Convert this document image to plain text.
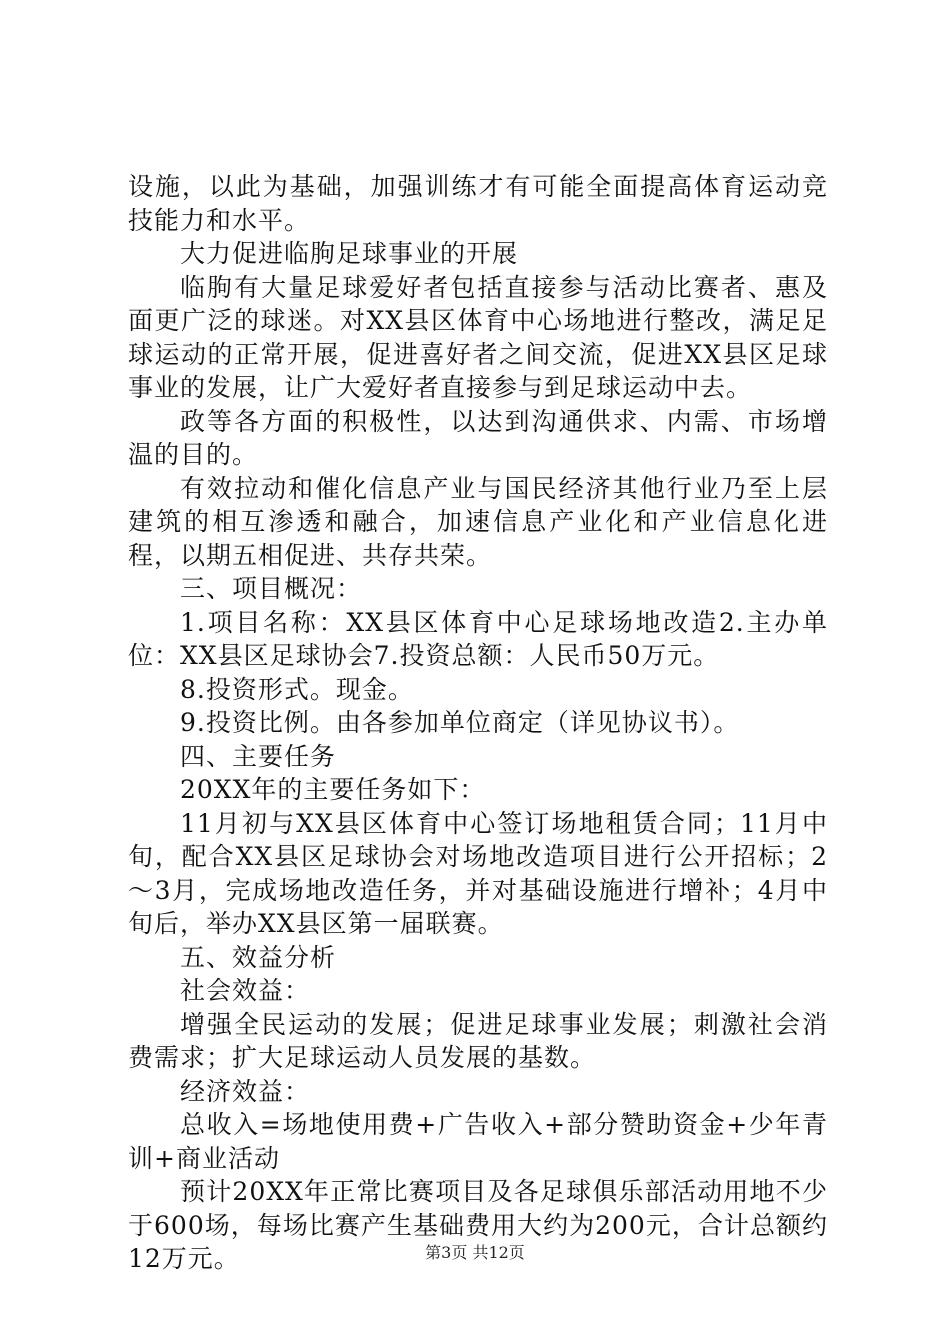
设施，以此为基础，加强训练才有可能全面提高体育运动竞技能力和水平。

大力促进临朐足球事业的开展

临朐有大量足球爱好者包括直接参与活动比赛者、惠及面更广泛的球迷。对XX县区体育中心场地进行整改，满足足球运动的正常开展，促进喜好者之间交流，促进XX县区足球事业的发展，让广大爱好者直接参与到足球运动中去。

政等各方面的积极性，以达到沟通供求、内需、市场增温的目的。

有效拉动和催化信息产业与国民经济其他行业乃至上层建筑的相互渗透和融合，加速信息产业化和产业信息化进程，以期五相促进、共存共荣。

三、项目概况：

1.项目名称：XX县区体育中心足球场地改造2.主办单位：XX县区足球协会7.投资总额：人民币50万元。

8.投资形式。现金。

9.投资比例。由各参加单位商定（详见协议书）。

四、主要任务

20XX年的主要任务如下：

11月初与XX县区体育中心签订场地租赁合同；11月中旬，配合XX县区足球协会对场地改造项目进行公开招标；2～3月，完成场地改造任务，并对基础设施进行增补；4月中旬后，举办XX县区第一届联赛。

五、效益分析

社会效益：

增强全民运动的发展；促进足球事业发展；刺激社会消费需求；扩大足球运动人员发展的基数。

经济效益：

总收入=场地使用费+广告收入+部分赞助资金+少年青训+商业活动

预计20XX年正常比赛项目及各足球俱乐部活动用地不少于600场，每场比赛产生基础费用大约为200元，合计总额约12万元。	第3页 共12页
